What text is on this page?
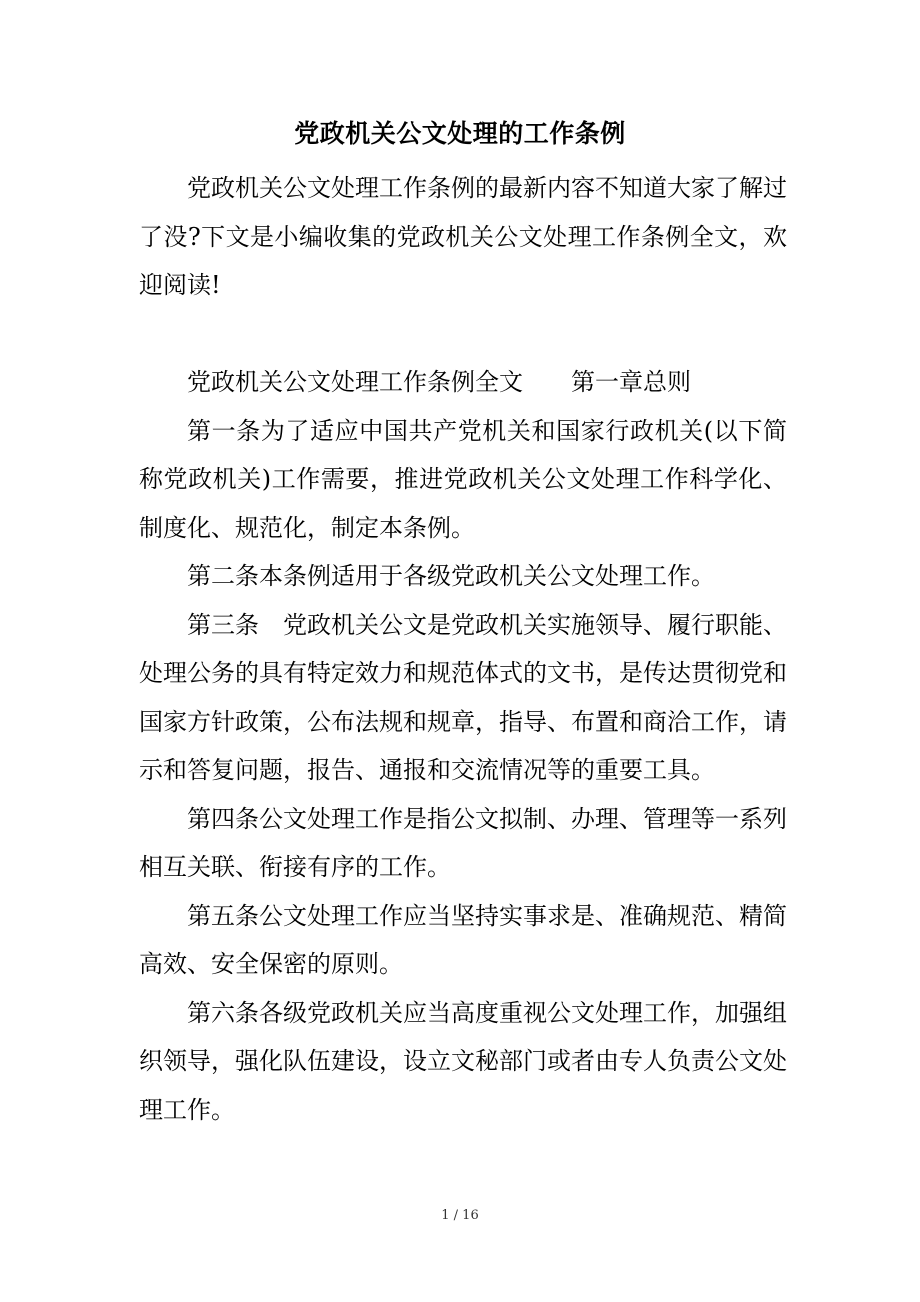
党政机关公文处理的工作条例

党政机关公文处理工作条例的最新内容不知道大家了解过了没?下文是小编收集的党政机关公文处理工作条例全文，欢迎阅读!

党政机关公文处理工作条例全文 第一章总则

第一条为了适应中国共产党机关和国家行政机关(以下简称党政机关)工作需要，推进党政机关公文处理工作科学化、制度化、规范化，制定本条例。

第二条本条例适用于各级党政机关公文处理工作。

第三条 党政机关公文是党政机关实施领导、履行职能、处理公务的具有特定效力和规范体式的文书，是传达贯彻党和国家方针政策，公布法规和规章，指导、布置和商洽工作，请示和答复问题，报告、通报和交流情况等的重要工具。

第四条公文处理工作是指公文拟制、办理、管理等一系列相互关联、衔接有序的工作。

第五条公文处理工作应当坚持实事求是、准确规范、精简高效、安全保密的原则。

第六条各级党政机关应当高度重视公文处理工作，加强组织领导，强化队伍建设，设立文秘部门或者由专人负责公文处理工作。

1 / 16
